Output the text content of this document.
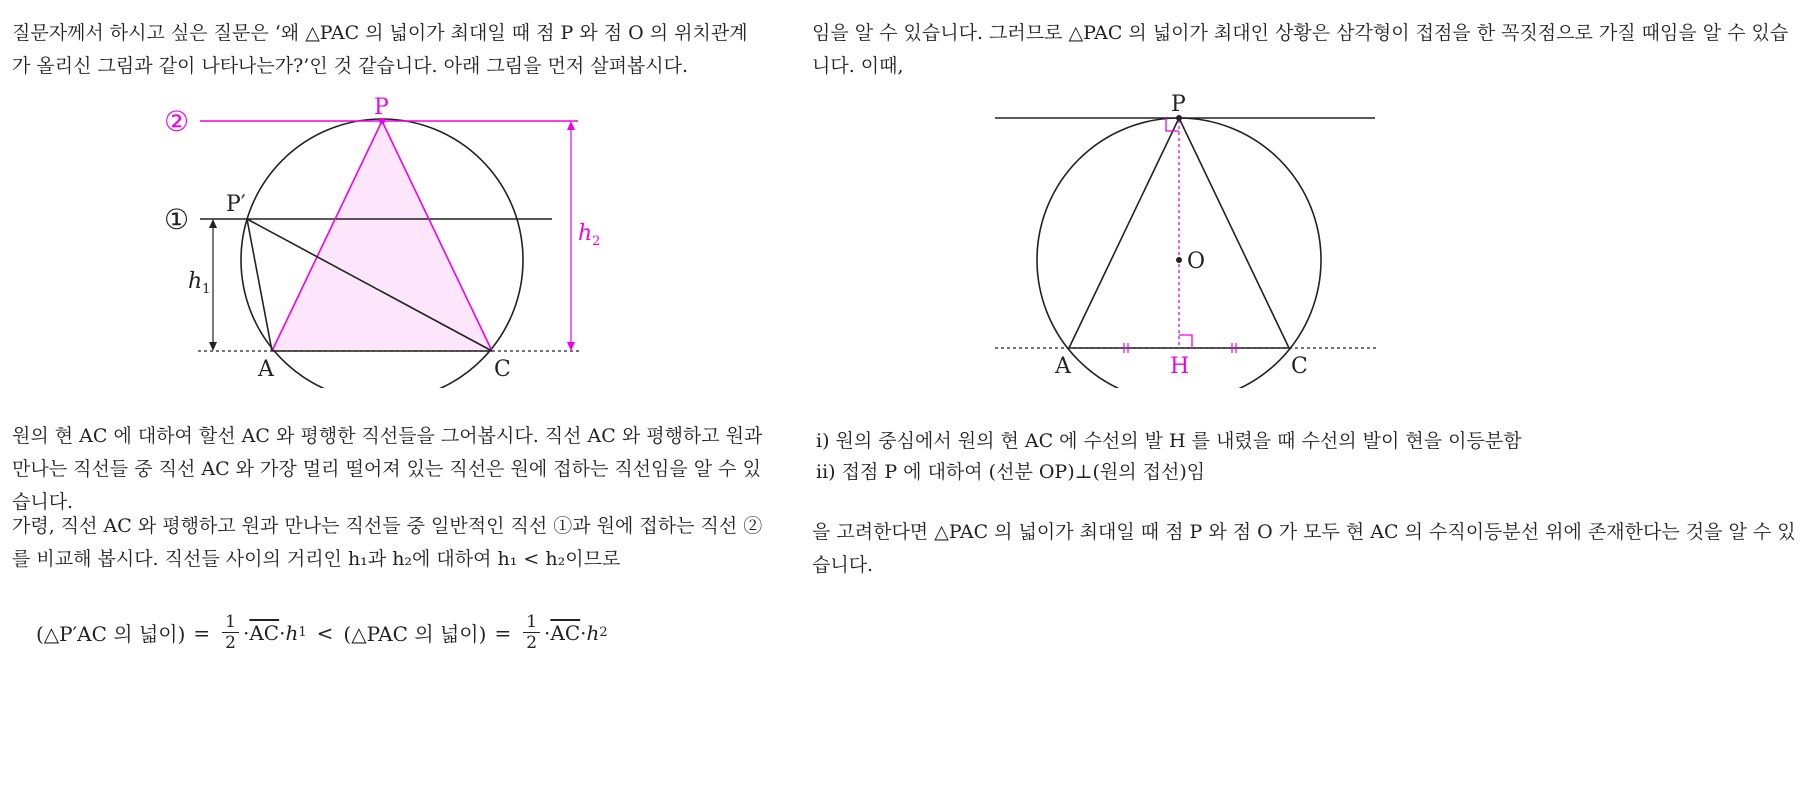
질문자께서 하시고 싶은 질문은 ‘왜 △PAC 의 넓이가 최대일 때 점 P 와 점 O 의 위치관계가 올리신 그림과 같이 나타나는가?’인 것 같습니다. 아래 그림을 먼저 살펴봅시다.

P
P′
A	C
①
②
$h_1$
$h_2$

원의 현 AC 에 대하여 할선 AC 와 평행한 직선들을 그어봅시다. 직선 AC 와 평행하고 원과 만나는 직선들 중 직선 AC 와 가장 멀리 떨어져 있는 직선은 원에 접하는 직선임을 알 수 있습니다.

가령, 직선 AC 와 평행하고 원과 만나는 직선들 중 일반적인 직선 ①과 원에 접하는 직선 ②를 비교해 봅시다. 직선들 사이의 거리인 h₁과 h₂에 대하여 h₁ < h₂이므로

(△P′AC 의 넓이) = $\frac{1}{2} \cdot \overline{AC} \cdot h$ 1 < (△PAC 의 넓이) = $\frac{1}{2} \cdot \overline{AC} \cdot h$ 2

임을 알 수 있습니다. 그러므로 △PAC 의 넓이가 최대인 상황은 삼각형이 접점을 한 꼭짓점으로 가질 때임을 알 수 있습니다. 이때,

P
O
A	C
H

ⅰ) 원의 중심에서 원의 현 AC 에 수선의 발 H 를 내렸을 때 수선의 발이 현을 이등분함

ⅱ) 접점 P 에 대하여 (선분 OP)⊥(원의 접선)임

을 고려한다면 △PAC 의 넓이가 최대일 때 점 P 와 점 O 가 모두 현 AC 의 수직이등분선 위에 존재한다는 것을 알 수 있습니다.
